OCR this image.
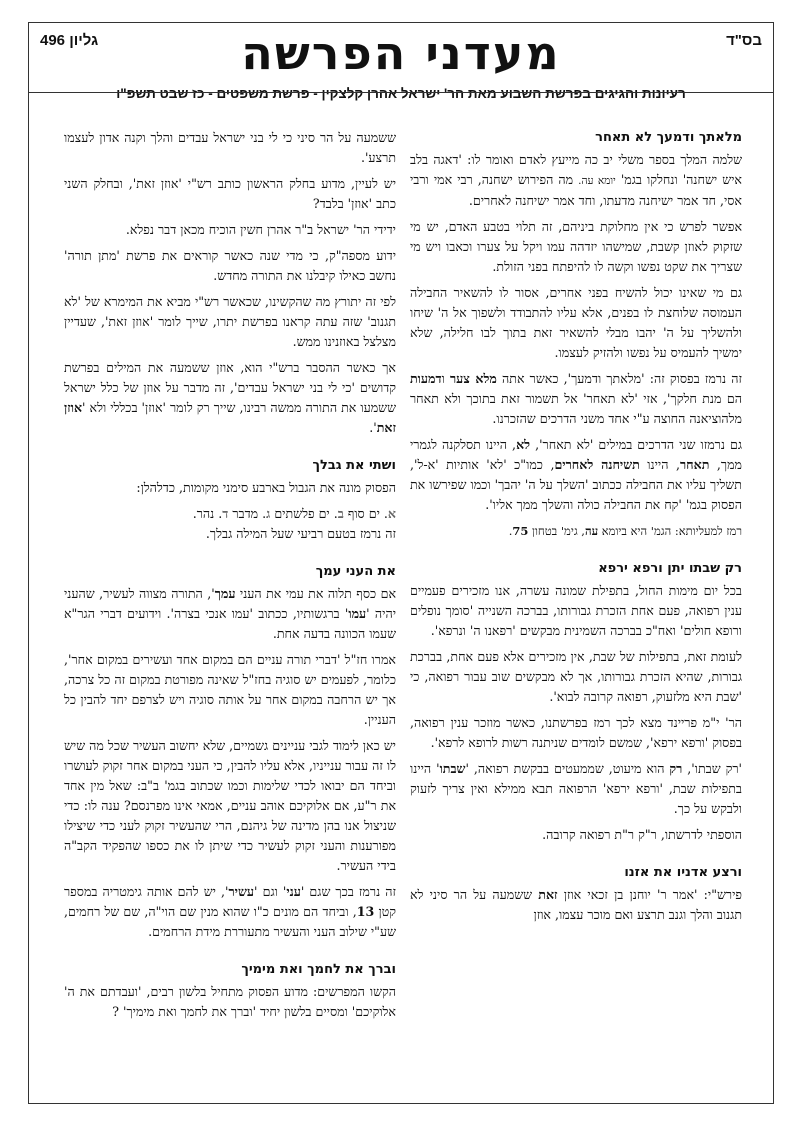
בס"ד
מעדני הפרשה
גליון 496
רעיונות והגיגים בפרשת השבוע מאת הר' ישראל אהרן קלצקין - פרשת משפטים - כז שבט תשפ"ו
מלאתך ודמעך לא תאחר

שלמה המלך בספר משלי יב כה מייעץ לאדם ואומר לו: 'דאגה בלב איש ישחנה' ונחלקו בגמ' יומא עה. מה הפירוש ישחנה, רבי אמי ורבי אסי, חד אמר ישיחנה מדעתו, וחד אמר ישיחנה לאחרים.

אפשר לפרש כי אין מחלוקת ביניהם, זה תלוי בטבע האדם, יש מי שזקוק לאוזן קשבת, שמישהו יזדהה עמו ויקל על צערו וכאבו ויש מי שצריך את שקט נפשו וקשה לו להיפתח בפני הזולת.

גם מי שאינו יכול להשיח בפני אחרים, אסור לו להשאיר החבילה העמוסה שלוחצת לו בפנים, אלא עליו להתבודד ולשפוך אל ה' שיחו ולהשליך על ה' יהבו מבלי להשאיר זאת בתוך לבו חלילה, שלא ימשיך להעמיס על נפשו ולהזיק לעצמו.

זה נרמז בפסוק זה: 'מלאתך ודמעך', כאשר אתה מלא צער ודמעות הם מנת חלקך', אזי 'לא תאחר' אל תשמור זאת בתוכך ולא תאחר מלהוציאנה החוצה ע"י אחד משני הדרכים שהזכרנו.

גם נרמזו שני הדרכים במילים 'לא תאחר', לא, היינו תסלקנה לגמרי ממך, תאחר, היינו תשיחנה לאחרים, כמו"כ 'לא' אותיות 'א-ל', תשליך עליו את החבילה ככתוב 'השלך על ה' יהבך' וכמו שפירשו את הפסוק בגמ' 'קח את החבילה כולה והשלך ממך אליו'.

רמז למעליותא: הגמ' היא ביומא עה, גימ' בטחון 75.

רק שבתו יתן ורפא ירפא

בכל יום מימות החול, בתפילת שמונה עשרה, אנו מזכירים פעמיים ענין רפואה, פעם אחת הזכרת גבורותו, בברכה השנייה 'סומך נופלים ורופא חולים' ואח"כ בברכה השמינית מבקשים 'רפאנו ה' ונרפא'.

לעומת זאת, בתפילות של שבת, אין מזכירים אלא פעם אחת, בברכת גבורות, שהיא הזכרת גבורותו, אך לא מבקשים שוב עבור רפואה, כי 'שבת היא מלזעוק, רפואה קרובה לבוא'.

הר' י"מ פריינד מצא לכך רמז בפרשתנו, כאשר מוזכר ענין רפואה, בפסוק 'ורפא ירפא', שמשם לומדים שניתנה רשות לרופא לרפא'.

'רק שבתו', רק הוא מיעוט, שממעטים בבקשת רפואה, 'שבתו' היינו בתפילות שבת, 'ורפא ירפא' הרפואה תבא ממילא ואין צריך לזעוק ולבקש על כך.

הוספתי לדרשתו, ר"ק ר"ת רפואה קרובה.

ורצע אדניו את אזנו

פירש"י: 'אמר ר' יוחנן בן זכאי אוזן זאת ששמעה על הר סיני לא תגנוב והלך וגנב תרצע ואם מוכר עצמו, אוזן

ששמעה על הר סיני כי לי בני ישראל עבדים והלך וקנה אדון לעצמו תרצע'.

יש לעיין, מדוע בחלק הראשון כותב רש"י 'אוזן זאת', ובחלק השני כתב 'אוזן' בלבד?

ידידי הר' ישראל ב"ר אהרן חשין הוכיח מכאן דבר נפלא.

ידוע מספה"ק, כי מדי שנה כאשר קוראים את פרשת 'מתן תורה' נחשב כאילו קיבלנו את התורה מחדש.

לפי זה יתורץ מה שהקשינו, שכאשר רש"י מביא את המימרא של 'לא תגנוב' שזה עתה קראנו בפרשת יתרו, שייך לומר 'אוזן זאת', שעדיין מצלצל באוזנינו ממש.

אך כאשר ההסבר ברש"י הוא, אוזן ששמעה את המילים בפרשת קדושים 'כי לי בני ישראל עבדים', זה מדבר על אוזן של כלל ישראל ששמעו את התורה ממשה רבינו, שייך רק לומר 'אוזן' בכללי ולא 'אוזן זאת'.

ושתי את גבלך

הפסוק מונה את הגבול בארבע סימני מקומות, כדלהלן:

א. ים סוף ב. ים פלשתים ג. מדבר ד. נהר.

זה נרמז בטעם רביעי שעל המילה גבלך.

את העני עמך

אם כסף תלוה את עמי את העני עמך', התורה מצווה לעשיר, שהעני יהיה 'עמו' ברגשותיו, ככתוב 'עמו אנכי בצרה'. וידועים דברי הגר"א שעמו הכוונה בדעה אחת.

אמרו חז"ל 'דברי תורה עניים הם במקום אחד ועשירים במקום אחר', כלומר, לפעמים יש סוגיה בחז"ל שאינה מפורטת במקום זה כל צרכה, אך יש הרחבה במקום אחר על אותה סוגיה ויש לצרפם יחד להבין כל העניין.

יש כאן לימוד לגבי עניינים גשמיים, שלא יחשוב העשיר שכל מה שיש לו זה עבור ענייניו, אלא עליו להבין, כי העני במקום אחר זקוק לעושרו וביחד הם יבואו לכדי שלימות וכמו שכתוב בגמ' ב"ב: שאל מין אחד את ר"ע, אם אלוקיכם אוהב עניים, אמאי אינו מפרנסם? ענה לו: כדי שניצול אנו בהן מדינה של גיהנם, הרי שהעשיר זקוק לעני כדי שיצילו מפורענות והעני זקוק לעשיר כדי שיתן לו את כספו שהפקיד הקב"ה בידי העשיר.

זה נרמז בכך שגם 'עני' וגם 'עשיר', יש להם אותה גימטריה במספר קטן 13, וביחד הם מונים כ"ו שהוא מנין שם הוי"ה, שם של רחמים, שע"י שילוב העני והעשיר מתעוררת מידת הרחמים.

וברך את לחמך ואת מימיך

הקשו המפרשים: מדוע הפסוק מתחיל בלשון רבים, 'ועבדתם את ה' אלוקיכם' ומסיים בלשון יחיד 'וברך את לחמך ואת מימיך' ?
